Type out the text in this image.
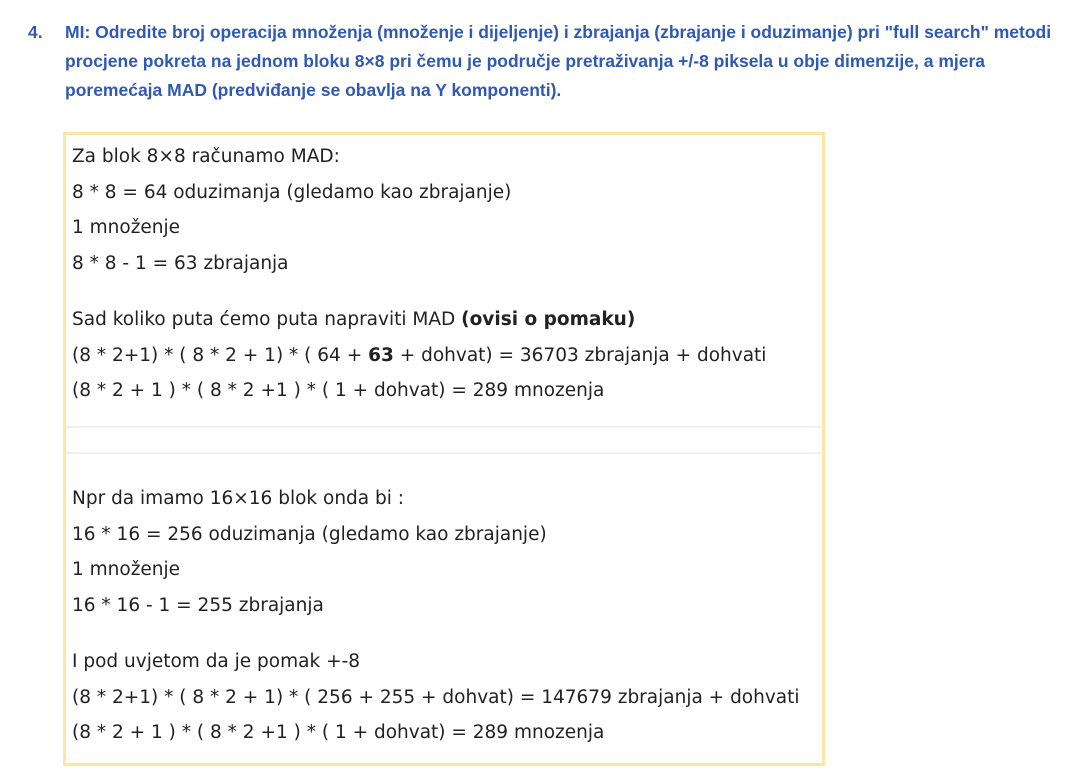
4.	MI: Odredite broj operacija množenja (množenje i dijeljenje) i zbrajanja (zbrajanje i oduzimanje) pri "full search" metodi procjene pokreta na jednom bloku 8×8 pri čemu je područje pretraživanja +/-8 piksela u obje dimenzije, a mjera poremećaja MAD (predviđanje se obavlja na Y komponenti).
Za blok 8×8 računamo MAD:
8 * 8 = 64 oduzimanja (gledamo kao zbrajanje)
1 množenje
8 * 8 - 1 = 63 zbrajanja
Sad koliko puta ćemo puta napraviti MAD (ovisi o pomaku)
(8 * 2+1) * ( 8 * 2 + 1) * ( 64 + 63 + dohvat) = 36703 zbrajanja + dohvati
(8 * 2 + 1 ) * ( 8 * 2 +1 ) * ( 1 + dohvat) = 289 mnozenja
Npr da imamo 16×16 blok onda bi :
16 * 16 = 256 oduzimanja (gledamo kao zbrajanje)
1 množenje
16 * 16 - 1 = 255 zbrajanja
I pod uvjetom da je pomak +-8
(8 * 2+1) * ( 8 * 2 + 1) * ( 256 + 255 + dohvat) = 147679 zbrajanja + dohvati
(8 * 2 + 1 ) * ( 8 * 2 +1 ) * ( 1 + dohvat) = 289 mnozenja
